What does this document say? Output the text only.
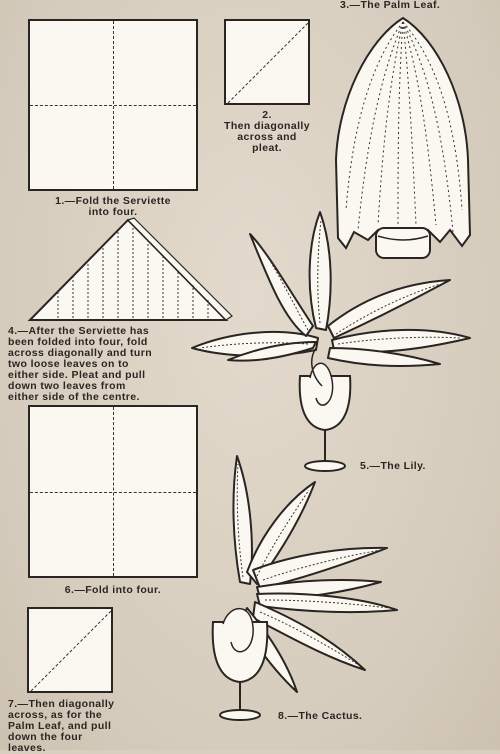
1.—Fold the Serviette
into four.
2.
Then diagonally
across and
pleat.
3.—The Palm Leaf.
4.—After the Serviette has
been folded into four, fold
across diagonally and turn
two loose leaves on to
either side. Pleat and pull
down two leaves from
either side of the centre.
5.—The Lily.
6.—Fold into four.
7.—Then diagonally
across, as for the
Palm Leaf, and pull
down the four
leaves.
8.—The Cactus.
